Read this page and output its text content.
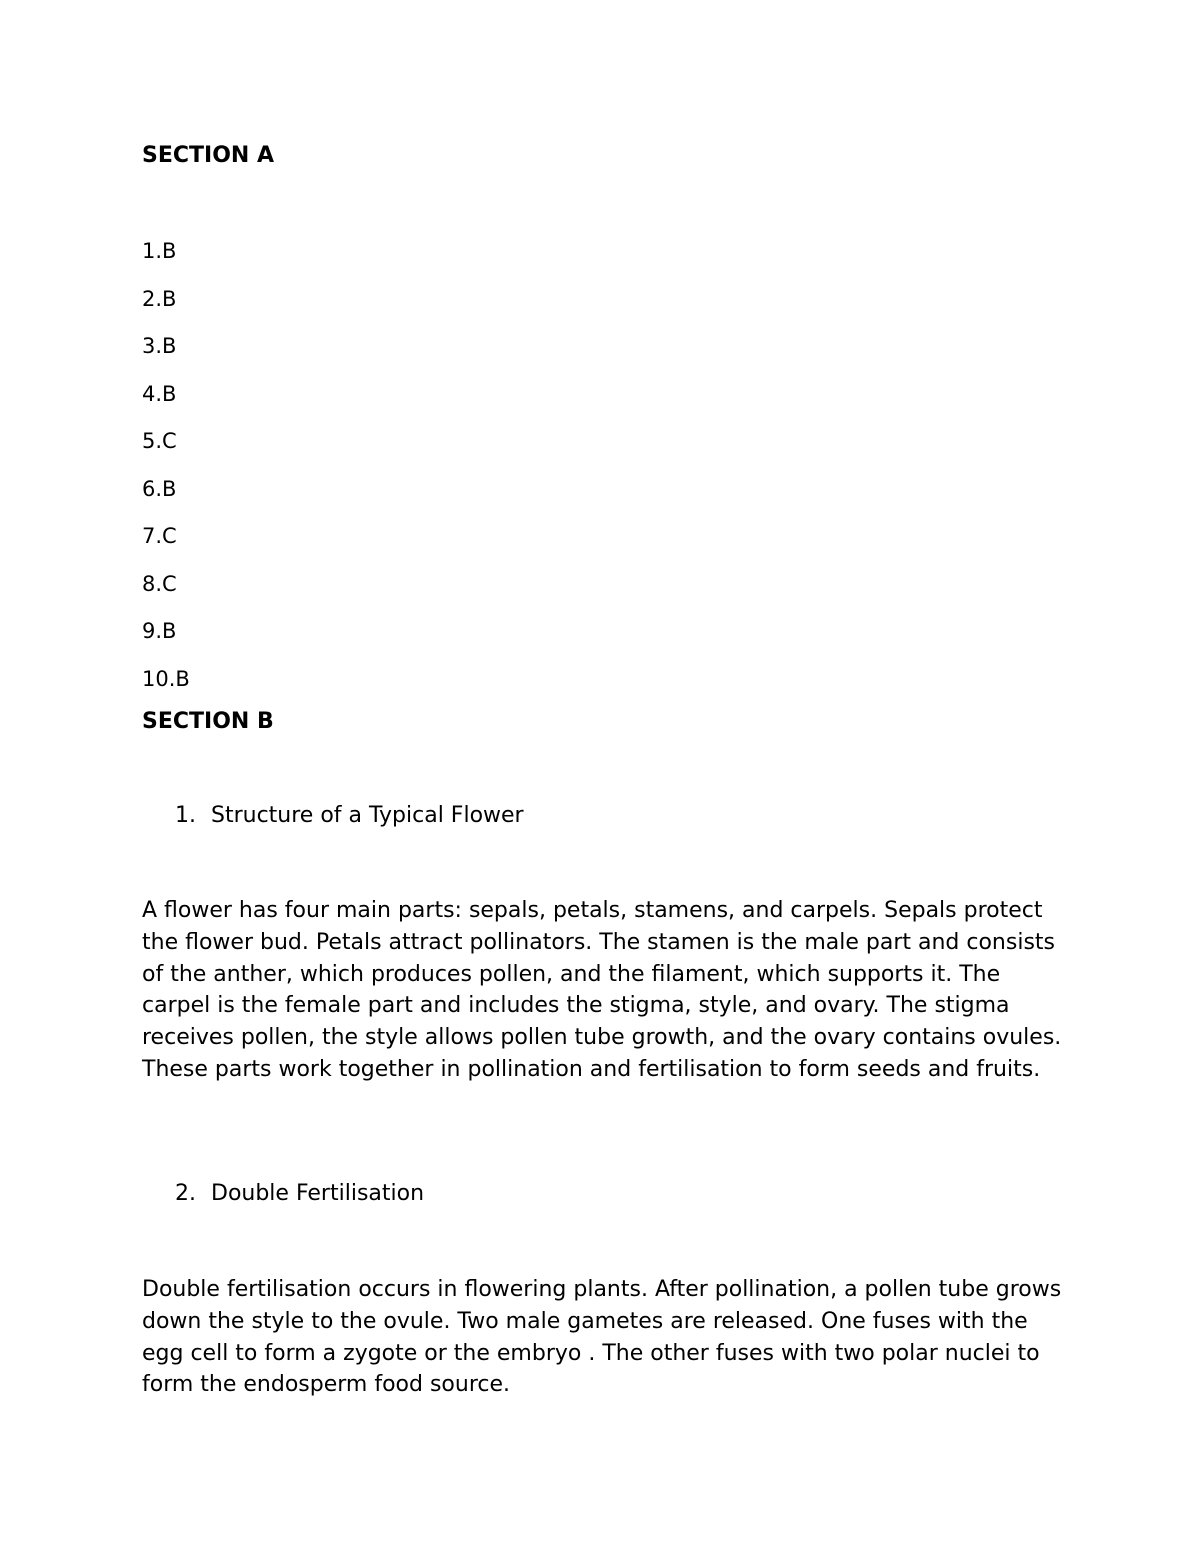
SECTION A
1.B
2.B
3.B
4.B
5.C
6.B
7.C
8.C
9.B
10.B
SECTION B

1. Structure of a Typical Flower

A flower has four main parts: sepals, petals, stamens, and carpels. Sepals protect the flower bud. Petals attract pollinators. The stamen is the male part and consists of the anther, which produces pollen, and the filament, which supports it. The carpel is the female part and includes the stigma, style, and ovary. The stigma receives pollen, the style allows pollen tube growth, and the ovary contains ovules. These parts work together in pollination and fertilisation to form seeds and fruits.

2. Double Fertilisation

Double fertilisation occurs in flowering plants. After pollination, a pollen tube grows down the style to the ovule. Two male gametes are released. One fuses with the egg cell to form a zygote or the embryo . The other fuses with two polar nuclei to form the endosperm food source.
